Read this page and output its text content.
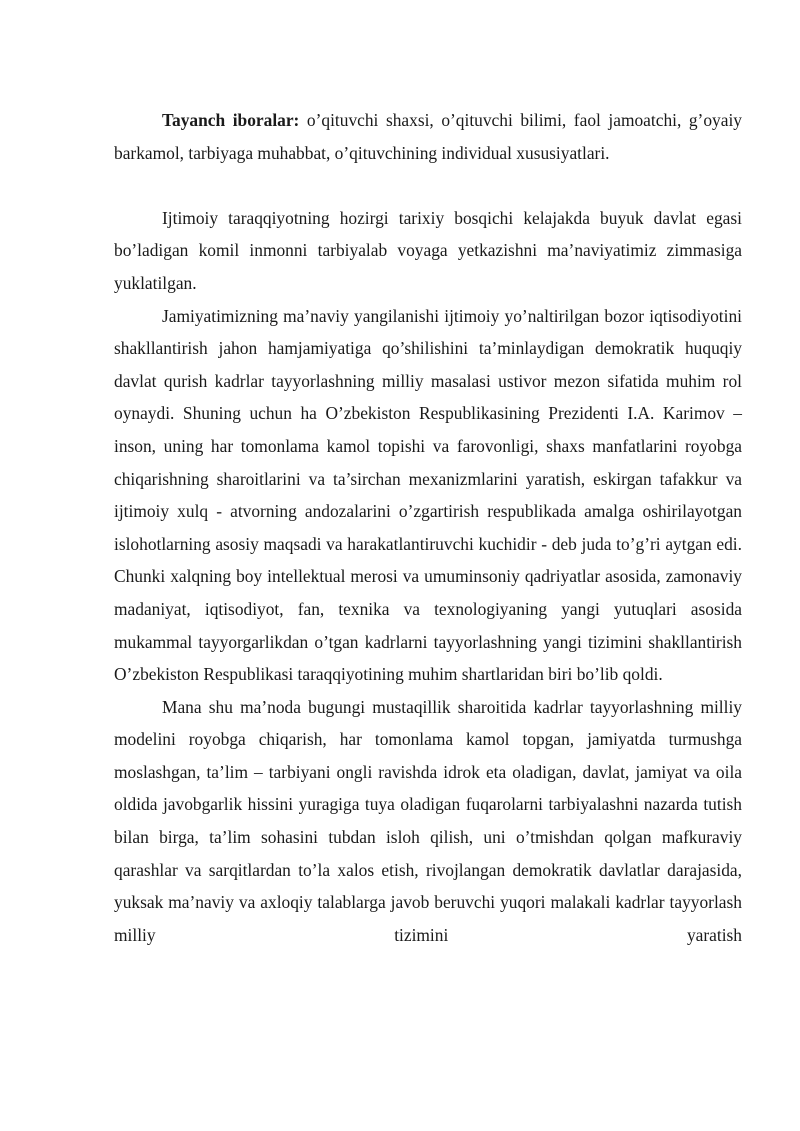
Tayanch iboralar: o’qituvchi shaxsi, o’qituvchi bilimi, faol jamoatchi, g’oyaiy barkamol, tarbiyaga muhabbat, o’qituvchining individual xususiyatlari.

Ijtimoiy taraqqiyotning hozirgi tarixiy bosqichi kelajakda buyuk davlat egasi bo’ladigan komil inmonni tarbiyalab voyaga yetkazishni ma’naviyatimiz zimmasiga yuklatilgan.

Jamiyatimizning ma’naviy yangilanishi ijtimoiy yo’naltirilgan bozor iqtisodiyotini shakllantirish jahon hamjamiyatiga qo’shilishini ta’minlaydigan demokratik huquqiy davlat qurish kadrlar tayyorlashning milliy masalasi ustivor mezon sifatida muhim rol oynaydi. Shuning uchun ha O’zbekiston Respublikasining Prezidenti I.A. Karimov – inson, uning har tomonlama kamol topishi va farovonligi, shaxs manfatlarini royobga chiqarishning sharoitlarini va ta’sirchan mexanizmlarini yaratish, eskirgan tafakkur va ijtimoiy xulq - atvorning andozalarini o’zgartirish respublikada amalga oshirilayotgan islohotlarning asosiy maqsadi va harakatlantiruvchi kuchidir - deb juda to’g’ri aytgan edi. Chunki xalqning boy intellektual merosi va umuminsoniy qadriyatlar asosida, zamonaviy madaniyat, iqtisodiyot, fan, texnika va texnologiyaning yangi yutuqlari asosida mukammal tayyorgarlikdan o’tgan kadrlarni tayyorlashning yangi tizimini shakllantirish O’zbekiston Respublikasi taraqqiyotining muhim shartlaridan biri bo’lib qoldi.

Mana shu ma’noda bugungi mustaqillik sharoitida kadrlar tayyorlashning milliy modelini royobga chiqarish, har tomonlama kamol topgan, jamiyatda turmushga moslashgan, ta’lim – tarbiyani ongli ravishda idrok eta oladigan, davlat, jamiyat va oila oldida javobgarlik hissini yuragiga tuya oladigan fuqarolarni tarbiyalashni nazarda tutish bilan birga, ta’lim sohasini tubdan isloh qilish, uni o’tmishdan qolgan mafkuraviy qarashlar va sarqitlardan to’la xalos etish, rivojlangan demokratik davlatlar darajasida, yuksak ma’naviy va axloqiy talablarga javob beruvchi yuqori malakali kadrlar tayyorlash milliy tizimini yaratish
